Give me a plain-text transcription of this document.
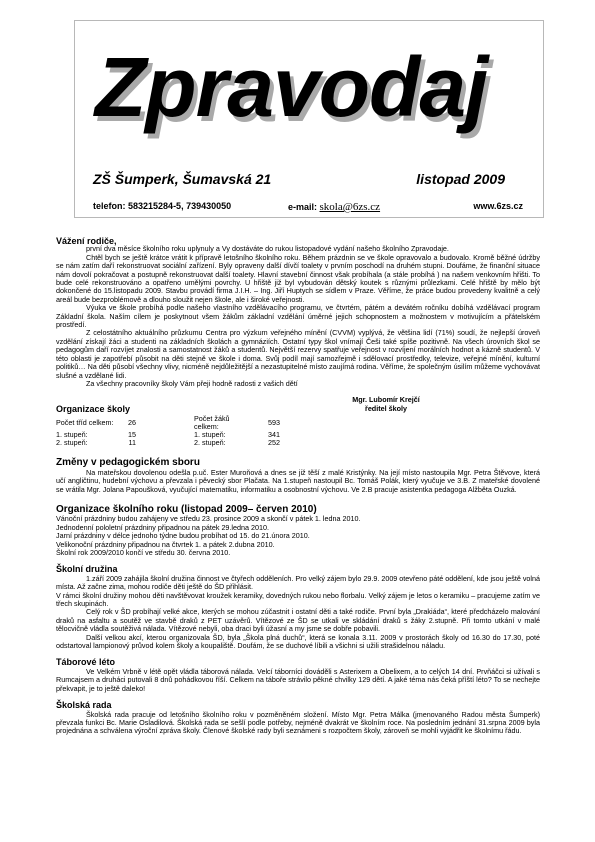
Zpravodaj
ZŠ Šumperk, Šumavská 21	listopad 2009
telefon: 583215284-5, 739430050	e-mail: skola@6zs.cz	www.6zs.cz

Vážení rodiče,

první dva měsíce školního roku uplynuly a Vy dostáváte do rukou listopadové vydání našeho školního Zpravodaje.

Chtěl bych se ještě krátce vrátit k přípravě letošního školního roku. Během prázdnin se ve škole opravovalo a budovalo. Kromě běžné údržby se nám zatím daří rekonstruovat sociální zařízení. Byly opraveny další dívčí toalety v prvním poschodí na druhém stupni. Doufáme, že finanční situace nám dovolí pokračovat a postupně rekonstruovat další toalety. Hlavní stavební činnost však probíhala (a stále probíhá ) na našem venkovním hřišti. To bude celé rekonstruováno a opatřeno umělými povrchy. U hřiště již byl vybudován dětský koutek s různými průlezkami. Celé hřiště by mělo být dokončené do 15.listopadu 2009. Stavbu provádí firma J.I.H. – Ing. Jiří Huptych se sídlem v Praze. Věříme, že práce budou provedeny kvalitně a celý areál bude bezproblémově a dlouho sloužit nejen škole, ale i široké veřejnosti.

Výuka ve škole probíhá podle našeho vlastního vzdělávacího programu, ve čtvrtém, pátém a devátém ročníku dobíhá vzdělávací program Základní škola. Naším cílem je poskytnout všem žákům základní vzdělání úměrné jejich schopnostem a možnostem v motivujícím a přátelském prostředí.

Z celostátního aktuálního průzkumu Centra pro výzkum veřejného mínění (CVVM) vyplývá, že většina lidí (71%) soudí, že nejlepší úroveň vzdělání získají žáci a studenti na základních školách a gymnáziích. Ostatní typy škol vnímají Češi také spíše pozitivně. Na všech úrovních škol se pedagogům daří rozvíjet znalosti a samostatnost žáků a studentů. Největší rezervy spatřuje veřejnost v rozvíjení morálních hodnot a kázně studentů. V této oblasti je zapotřebí působit na děti stejně ve škole i doma. Svůj podíl mají samozřejmě i sdělovací prostředky, televize, veřejné mínění, kulturní politiků… Na děti působí všechny vlivy, nicméně nejdůležitější a nezastupitelné místo zaujímá rodina. Věříme, že společným úsilím můžeme vychovávat slušné a vzdělané lidi.

Za všechny pracovníky školy Vám přeji hodně radosti z vašich dětí

Mgr. Lubomír Krejčí
ředitel školy
Organizace školy
Počet tříd celkem:	26		Počet žáků celkem:	593
1. stupeň:	15		1. stupeň:	341
2. stupeň:	11		2. stupeň:	252
Změny v pedagogickém sboru

Na mateřskou dovolenou odešla p.uč. Ester Muroňová a dnes se již těší z malé Kristýnky. Na její místo nastoupila Mgr. Petra Štěvove, která učí angličtinu, hudební výchovu a převzala i pěvecký sbor Plačata. Na 1.stupeň nastoupil Bc. Tomáš Polák, který vyučuje ve 3.B. Z mateřské dovolené se vrátila Mgr. Jolana Papoušková, vyučující matematiku, informatiku a osobnostní výchovu. Ve 2.B pracuje asistentka pedagoga Alžběta Ouzká.

Organizace školního roku (listopad 2009– červen 2010)

Vánoční prázdniny budou zahájeny ve středu 23. prosince 2009 a skončí v pátek 1. ledna 2010.

Jednodenní pololetní prázdniny připadnou na pátek 29.ledna 2010.

Jarní prázdniny v délce jednoho týdne budou probíhat od 15. do 21.února 2010.

Velikonoční prázdniny připadnou na čtvrtek 1. a pátek 2.dubna 2010.

Školní rok 2009/2010 končí ve středu 30. června 2010.

Školní družina

1.září 2009 zahájila školní družina činnost ve čtyřech odděleních. Pro velký zájem bylo 29.9. 2009 otevřeno páté oddělení, kde jsou ještě volná místa. Až začne zima, mohou rodiče děti ještě do ŠD přihlásit.

V rámci školní družiny mohou děti navštěvovat kroužek keramiky, dovedných rukou nebo florbalu. Velký zájem je letos o keramiku – pracujeme zatím ve třech skupinách.

Celý rok v ŠD probíhají velké akce, kterých se mohou zúčastnit i ostatní děti a také rodiče. První byla „Drakiáda“, které předcházelo malování draků na asfaltu a soutěž ve stavbě draků z PET uzávěrů. Vítězové ze ŠD se utkali ve skládání draků s žáky 2.stupně. Při tomto utkání v malé tělocvičně vládla soutěživá nálada. Vítězové nebyli, oba draci byli úžasní a my jsme se dobře pobavili.

Další velkou akcí, kterou organizovala ŠD, byla „Škola plná duchů“, která se konala 3.11. 2009 v prostorách školy od 16.30 do 17.30, poté odstartoval lampionový průvod kolem školy a koupaliště. Doufám, že se duchové líbili a všichni si užili strašidelnou náladu.

Táborové léto

Ve Velkém Vrbně v létě opět vládla táborová nálada. Velcí táborníci dováděli s Asterixem a Obelixem, a to celých 14 dní. Prvňáčci si užívali s Rumcajsem a druháci putovali 8 dnů pohádkovou říší. Celkem na tábořе strávilo pěkné chvilky 129 dětí. A jaké téma nás čeká příští léto? To se nechejte překvapit, je to ještě daleko!

Školská rada

Školská rada pracuje od letošního školního roku v pozměněném složení. Místo Mgr. Petra Málka (jmenovaného Radou města Šumperk) převzala funkci Bc. Marie Osladilová. Školská rada se sešlí podle potřeby, nejméně dvakrát ve školním roce. Na posledním jednání 31.srpna 2009 byla projednána a schválena výroční zpráva školy. Členové školské rady byli seznámeni s rozpočtem školy, zároveň se mohli vyjádřit ke školnímu řádu.
